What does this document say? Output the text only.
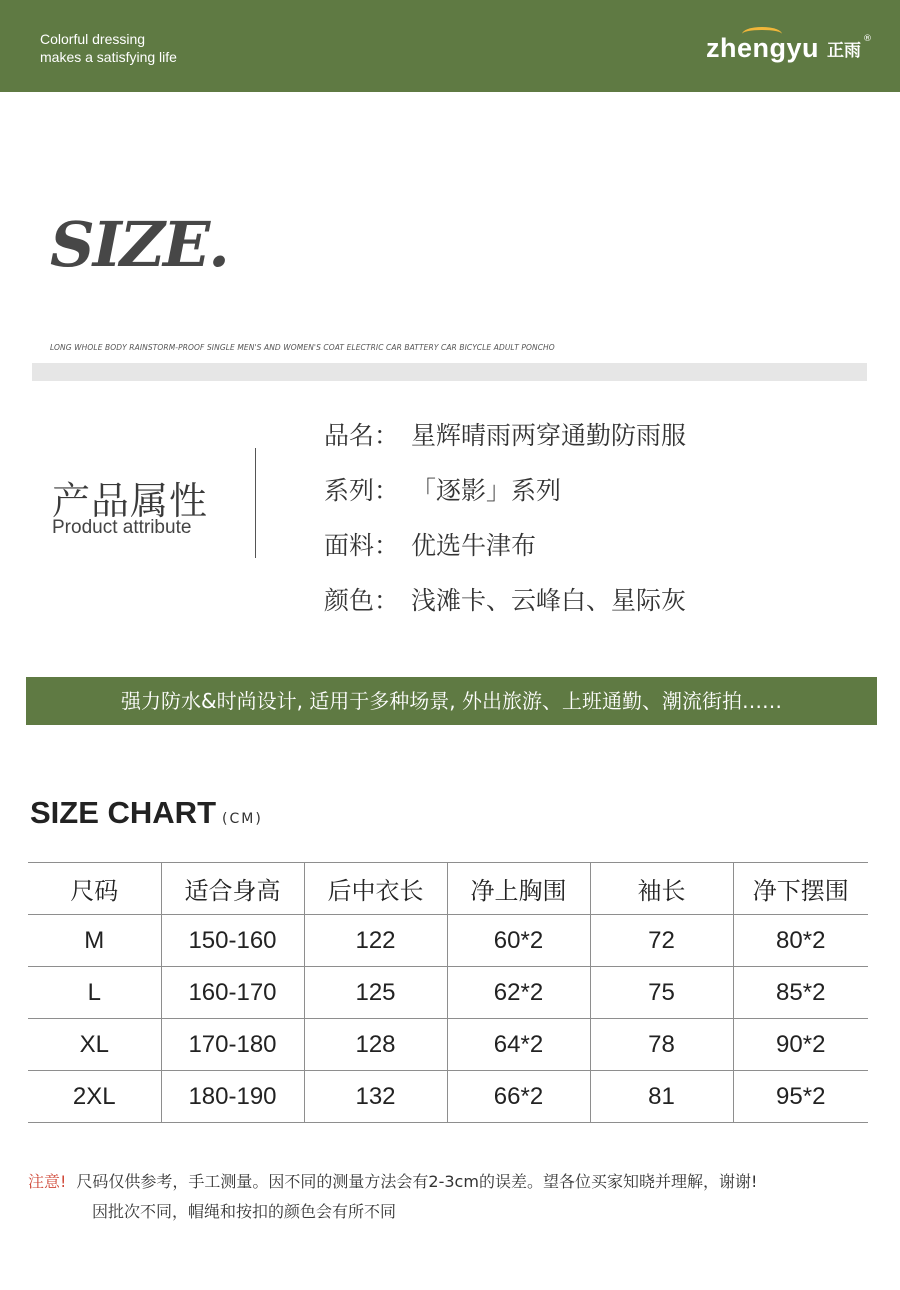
Colorful dressing
makes a satisfying life	zhengyu 正雨
®
SIZE.
LONG WHOLE BODY RAINSTORM-PROOF SINGLE MEN'S AND WOMEN'S COAT ELECTRIC CAR BATTERY CAR BICYCLE ADULT PONCHO
产品属性
Product attribute
品名： 星辉晴雨两穿通勤防雨服
系列： 「逐影」系列
面料： 优选牛津布
颜色： 浅滩卡、云峰白、星际灰
强力防水&时尚设计, 适用于多种场景, 外出旅游、上班通勤、潮流街拍……
SIZE CHART (CM)
尺码	适合身高	后中衣长	净上胸围	袖长	净下摆围
M	150-160	122	60*2	72	80*2
L	160-170	125	62*2	75	85*2
XL	170-180	128	64*2	78	90*2
2XL	180-190	132	66*2	81	95*2
注意! 尺码仅供参考，手工测量。因不同的测量方法会有2-3cm的误差。望各位买家知晓并理解，谢谢!
因批次不同，帽绳和按扣的颜色会有所不同
